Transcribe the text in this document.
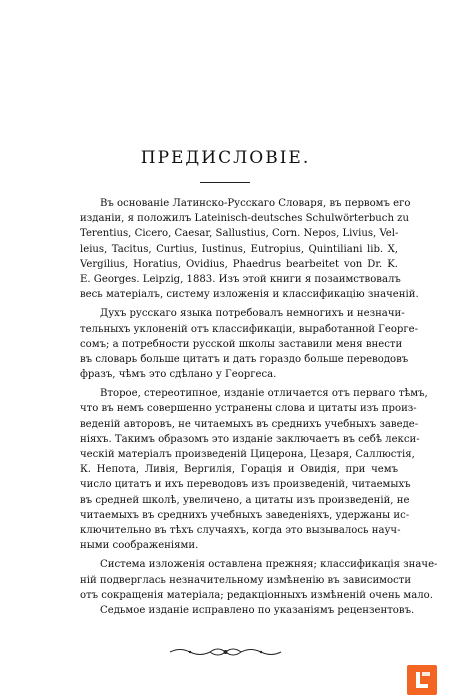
ПРЕДИСЛОВІЕ.
Въ основаніе Латинско-Русскаго Словаря, въ первомъ его
изданіи, я положилъ Lateinisch-deutsches Schulwörterbuch zu
Terentius, Cicero, Caesar, Sallustius, Corn. Nepos, Livius, Vel-
leius, Tacitus, Curtius, Iustinus, Eutropius, Quintiliani lib. X,
Vergilius, Horatius, Ovidius, Phaedrus bearbeitet von Dr. K.
E. Georges. Leipzig, 1883. Изъ этой книги я позаимствовалъ
весь матеріалъ, систему изложенія и классификацію значеній.
Духъ русскаго языка потребовалъ немногихъ и незначи-
тельныхъ уклоненій отъ классификаціи, выработанной Георге-
сомъ; а потребности русской школы заставили меня внести
въ словарь больше цитатъ и дать гораздо больше переводовъ
фразъ, чѣмъ это сдѣлано у Георгеса.
Второе, стереотипное, изданіе отличается отъ перваго тѣмъ,
что въ немъ совершенно устранены слова и цитаты изъ произ-
веденій авторовъ, не читаемыхъ въ среднихъ учебныхъ заведе-
ніяхъ. Такимъ образомъ это изданіе заключаетъ въ себѣ лекси-
ческій матеріалъ произведеній Цицерона, Цезаря, Саллюстія,
К. Непота, Ливія, Вергилія, Горація и Овидія, при чемъ
число цитатъ и ихъ переводовъ изъ произведеній, читаемыхъ
въ средней школѣ, увеличено, а цитаты изъ произведеній, не
читаемыхъ въ среднихъ учебныхъ заведеніяхъ, удержаны ис-
ключительно въ тѣхъ случаяхъ, когда это вызывалось науч-
ными соображеніями.
Система изложенія оставлена прежняя; классификація значе-
ній подверглась незначительному измѣненію въ зависимости
отъ сокращенія матеріала; редакціонныхъ измѣненій очень мало.
Седьмое изданіе исправлено по указаніямъ рецензентовъ.
